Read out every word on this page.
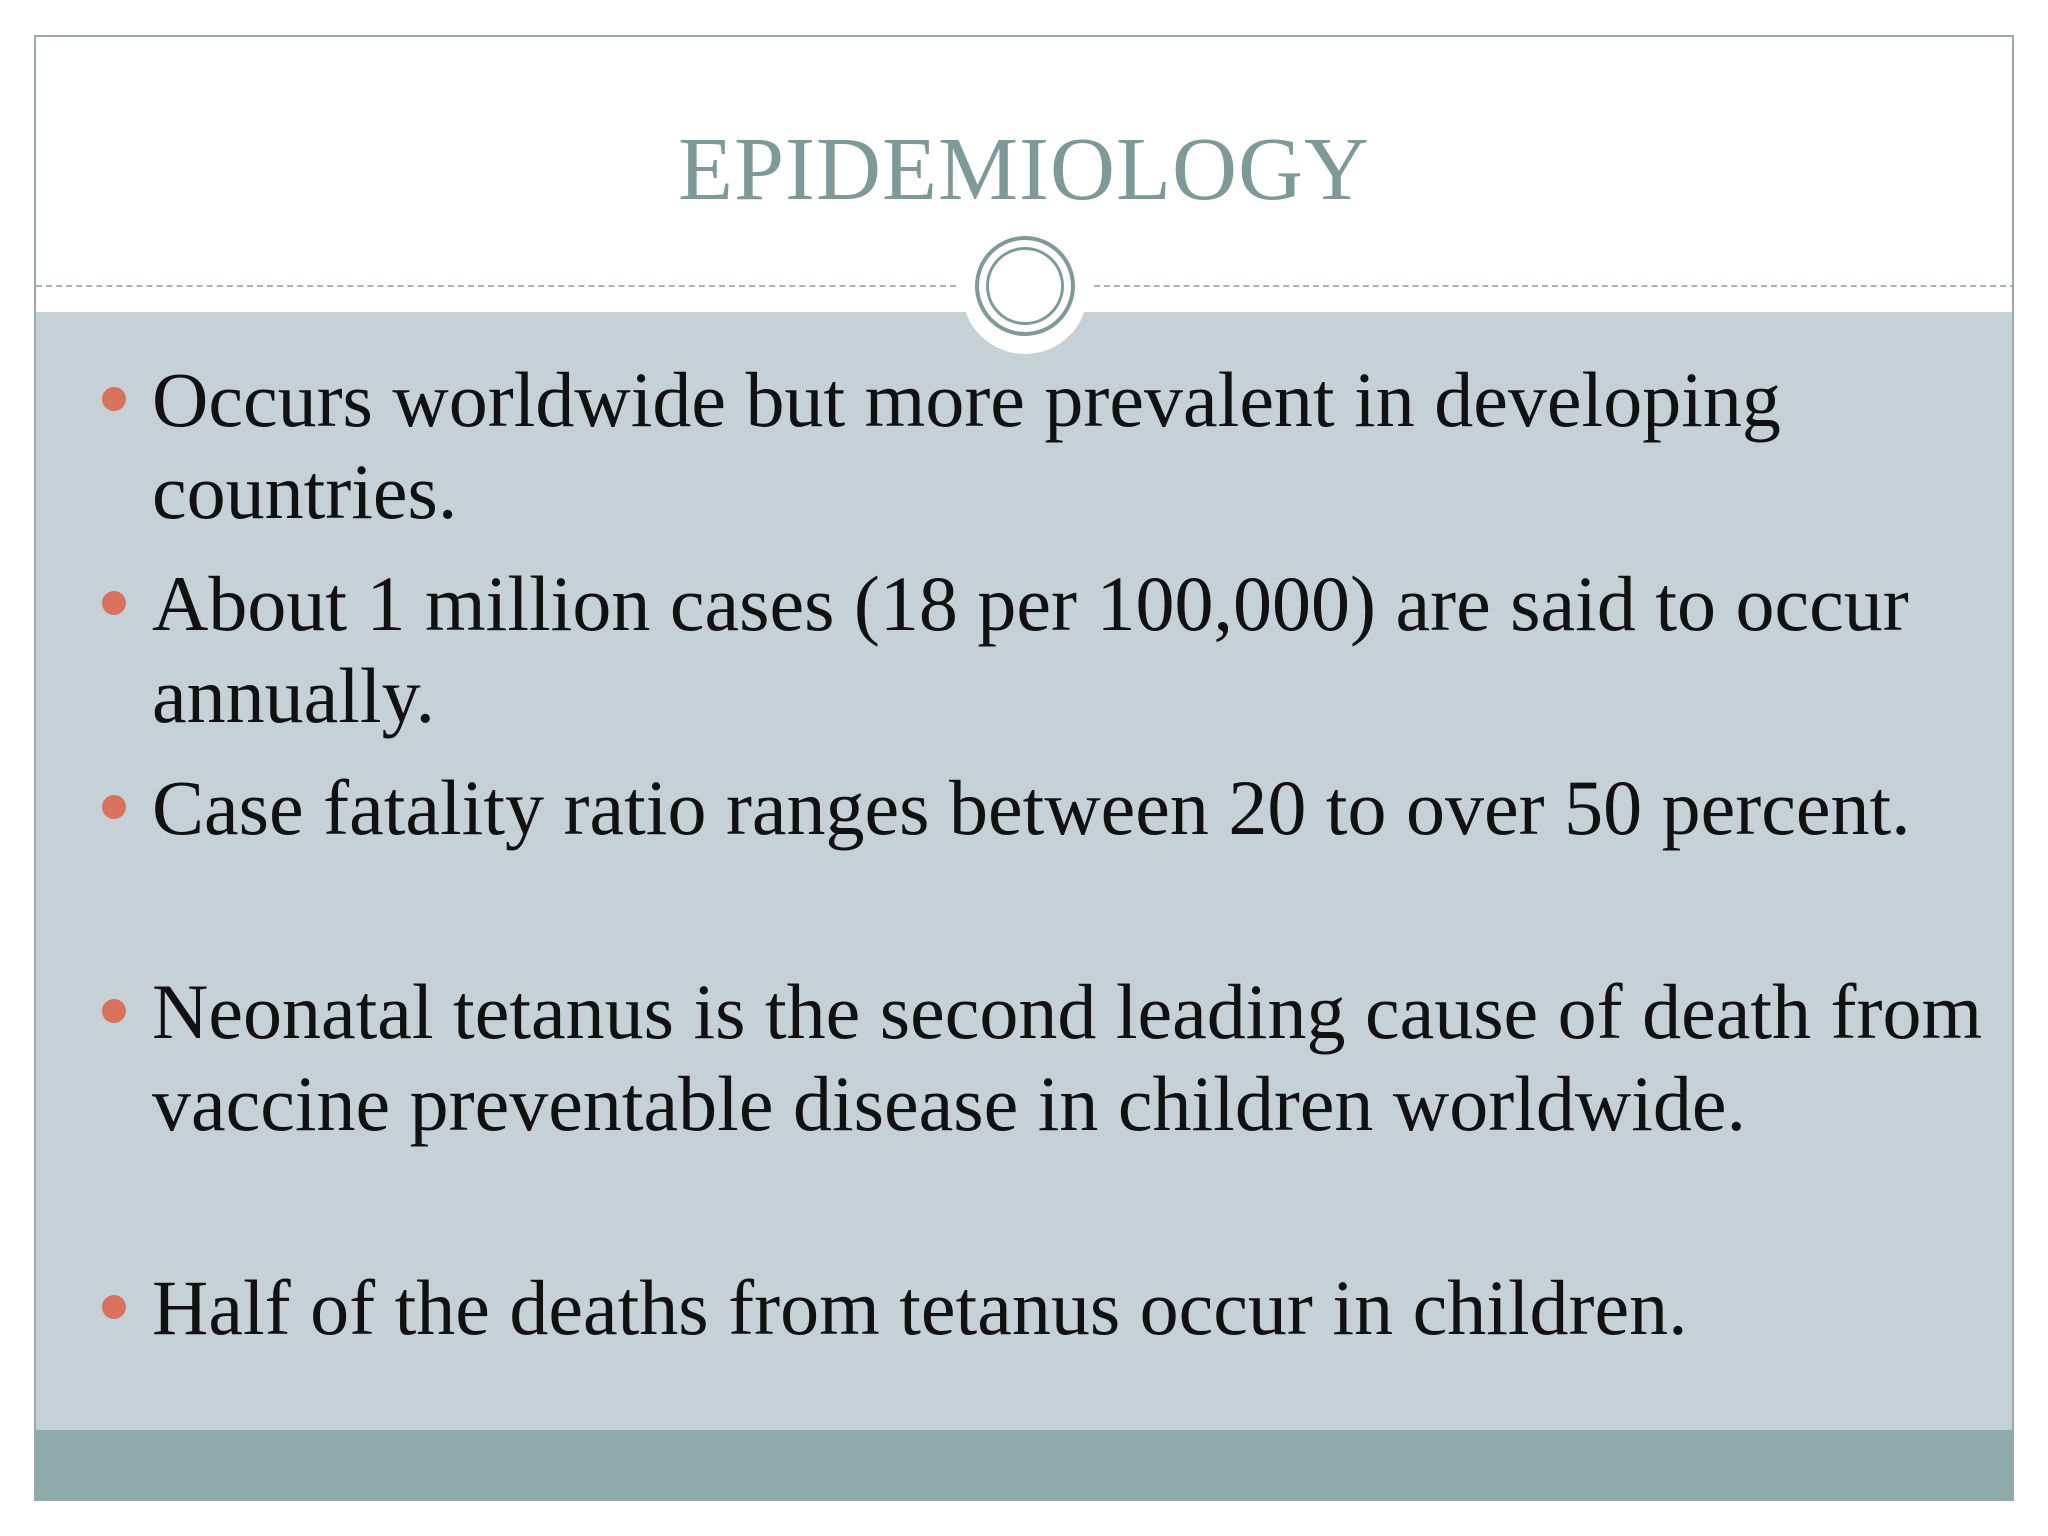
EPIDEMIOLOGY
Occurs worldwide but more prevalent in developing countries.
About 1 million cases (18 per 100,000) are said to occur annually.
Case fatality ratio ranges between 20 to over 50 percent.
Neonatal tetanus is the second leading cause of death from vaccine preventable disease in children worldwide.
Half of the deaths from tetanus occur in children.
